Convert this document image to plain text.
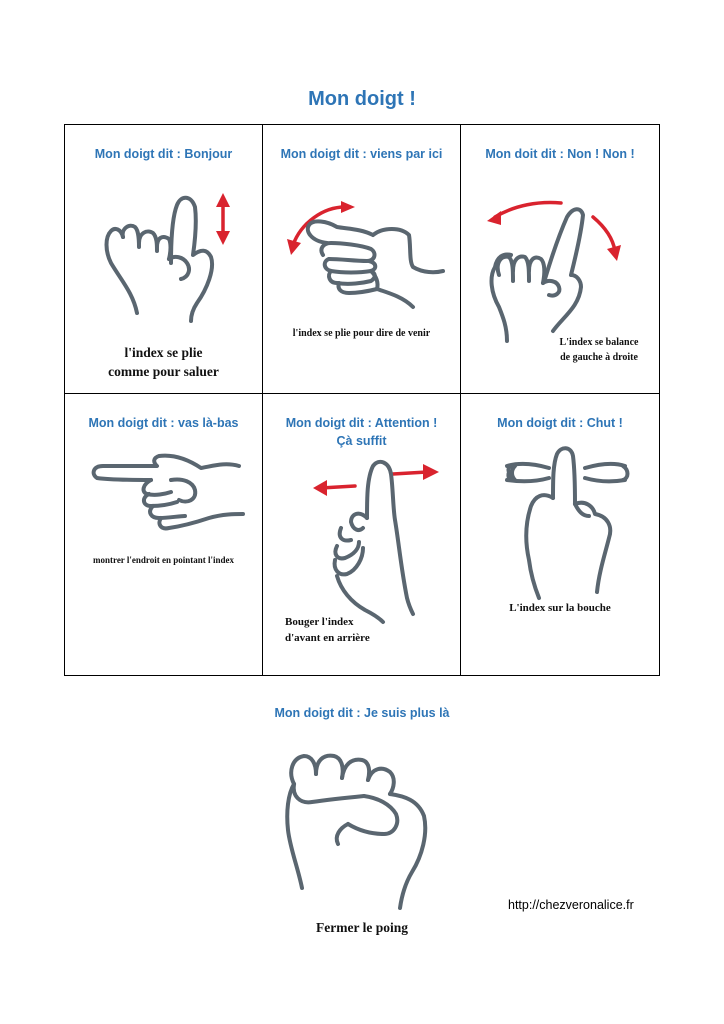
Mon doigt !
Mon doigt dit : Bonjour
l'index se plie
comme pour saluer
Mon doigt dit : viens par ici
l'index se plie pour dire de venir
Mon doit dit : Non ! Non !
L'index se balance
de gauche à droite
Mon doigt dit : vas là-bas
montrer l'endroit en pointant l'index
Mon doigt dit : Attention !
Çà suffit
Bouger l'index
d'avant en arrière
Mon doigt dit : Chut !
L'index sur la bouche
Mon doigt dit : Je suis plus là
Fermer le poing
http://chezveronalice.fr
